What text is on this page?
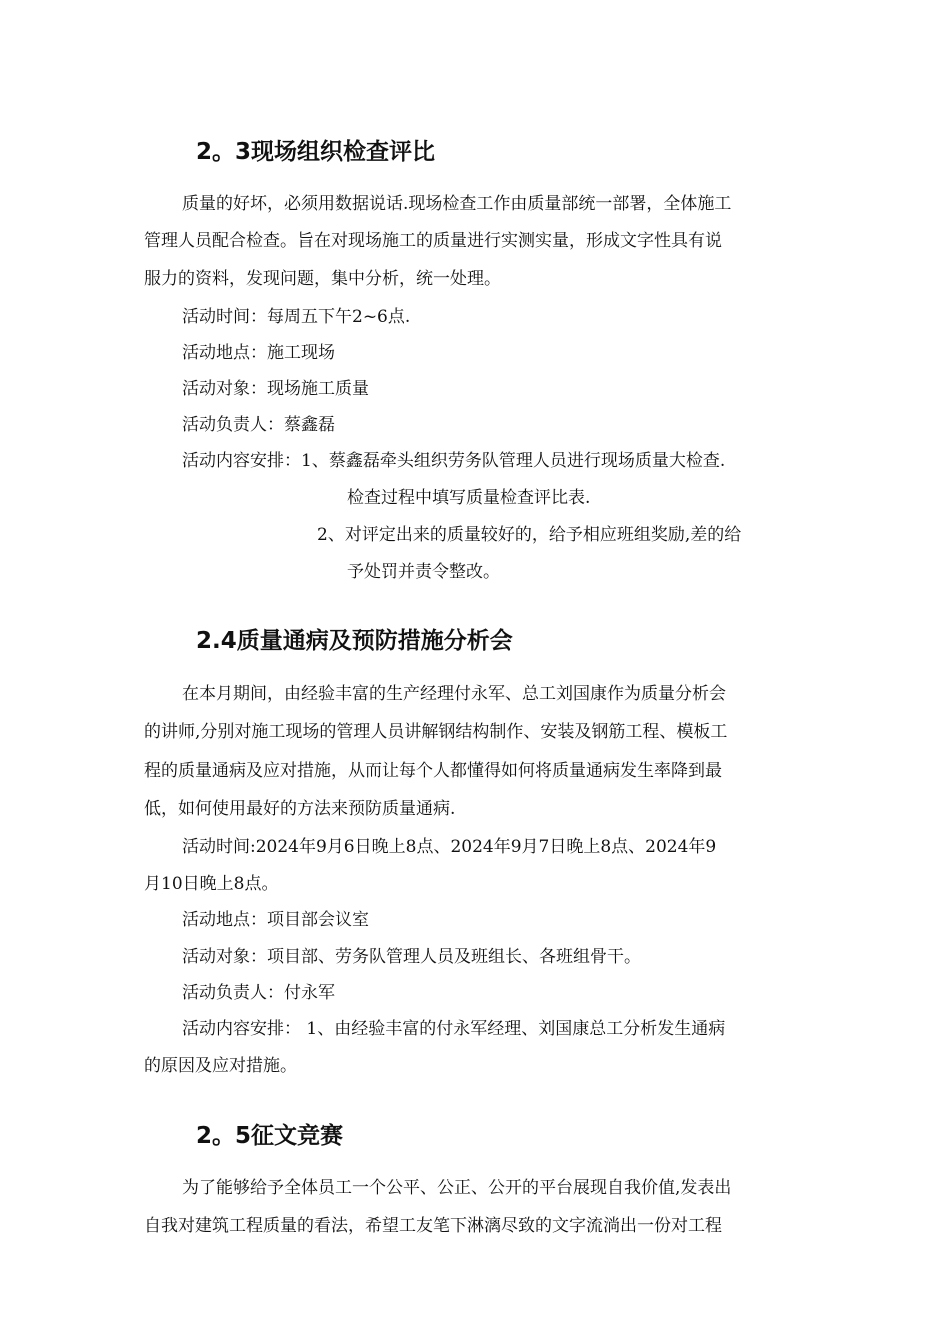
2。3现场组织检查评比

质量的好坏，必须用数据说话.现场检查工作由质量部统一部署，全体施工

管理人员配合检查。旨在对现场施工的质量进行实测实量，形成文字性具有说

服力的资料，发现问题，集中分析，统一处理。

活动时间：每周五下午2~6点.

活动地点：施工现场

活动对象：现场施工质量

活动负责人：蔡鑫磊

活动内容安排：1、蔡鑫磊牵头组织劳务队管理人员进行现场质量大检查.

检查过程中填写质量检查评比表.

2、对评定出来的质量较好的，给予相应班组奖励,差的给

予处罚并责令整改。

2.4质量通病及预防措施分析会

在本月期间，由经验丰富的生产经理付永军、总工刘国康作为质量分析会

的讲师,分别对施工现场的管理人员讲解钢结构制作、安装及钢筋工程、模板工

程的质量通病及应对措施，从而让每个人都懂得如何将质量通病发生率降到最

低，如何使用最好的方法来预防质量通病.

活动时间:2024年9月6日晚上8点、2024年9月7日晚上8点、2024年9

月10日晚上8点。

活动地点：项目部会议室

活动对象：项目部、劳务队管理人员及班组长、各班组骨干。

活动负责人：付永军

活动内容安排： 1、由经验丰富的付永军经理、刘国康总工分析发生通病

的原因及应对措施。

2。5征文竞赛

为了能够给予全体员工一个公平、公正、公开的平台展现自我价值,发表出

自我对建筑工程质量的看法，希望工友笔下淋漓尽致的文字流淌出一份对工程
